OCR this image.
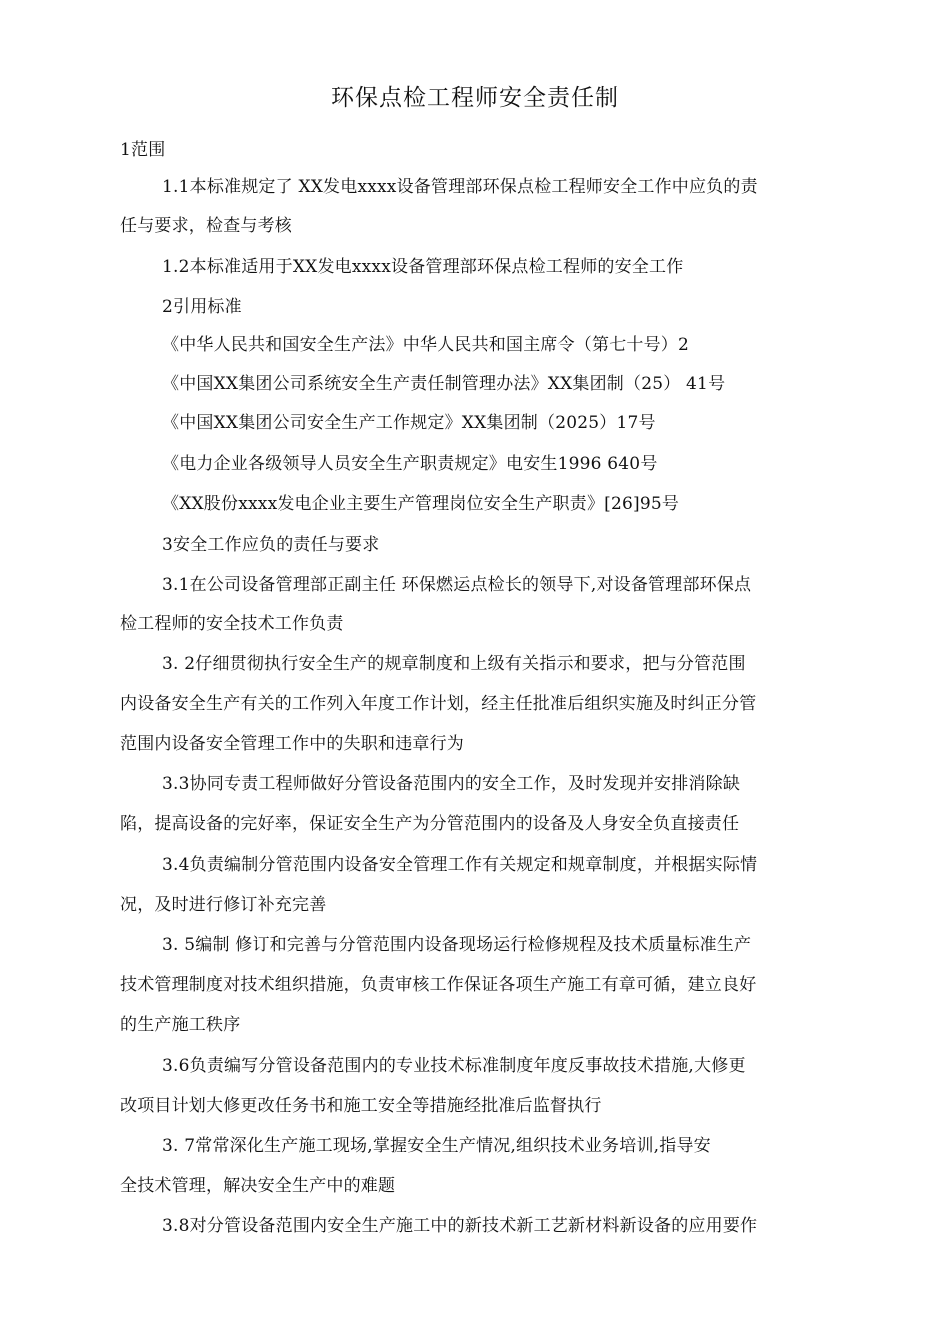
环保点检工程师安全责任制
1范围
1.1本标准规定了 XX发电xxxx设备管理部环保点检工程师安全工作中应负的责
任与要求，检查与考核
1.2本标准适用于XX发电xxxx设备管理部环保点检工程师的安全工作
2引用标准
《中华人民共和国安全生产法》中华人民共和国主席令（第七十号）2
《中国XX集团公司系统安全生产责任制管理办法》XX集团制（25） 41号
《中国XX集团公司安全生产工作规定》XX集团制（2025）17号
《电力企业各级领导人员安全生产职责规定》电安生1996 640号
《XX股份xxxx发电企业主要生产管理岗位安全生产职责》[26]95号
3安全工作应负的责任与要求
3.1在公司设备管理部正副主任 环保燃运点检长的领导下,对设备管理部环保点
检工程师的安全技术工作负责
3. 2仔细贯彻执行安全生产的规章制度和上级有关指示和要求，把与分管范围
内设备安全生产有关的工作列入年度工作计划，经主任批准后组织实施及时纠正分管
范围内设备安全管理工作中的失职和违章行为
3.3协同专责工程师做好分管设备范围内的安全工作，及时发现并安排消除缺
陷，提高设备的完好率，保证安全生产为分管范围内的设备及人身安全负直接责任
3.4负责编制分管范围内设备安全管理工作有关规定和规章制度，并根据实际情
况，及时进行修订补充完善
3. 5编制 修订和完善与分管范围内设备现场运行检修规程及技术质量标准生产
技术管理制度对技术组织措施，负责审核工作保证各项生产施工有章可循，建立良好
的生产施工秩序
3.6负责编写分管设备范围内的专业技术标准制度年度反事故技术措施,大修更
改项目计划大修更改任务书和施工安全等措施经批准后监督执行
3. 7常常深化生产施工现场,掌握安全生产情况,组织技术业务培训,指导安
全技术管理，解决安全生产中的难题
3.8对分管设备范围内安全生产施工中的新技术新工艺新材料新设备的应用要作
